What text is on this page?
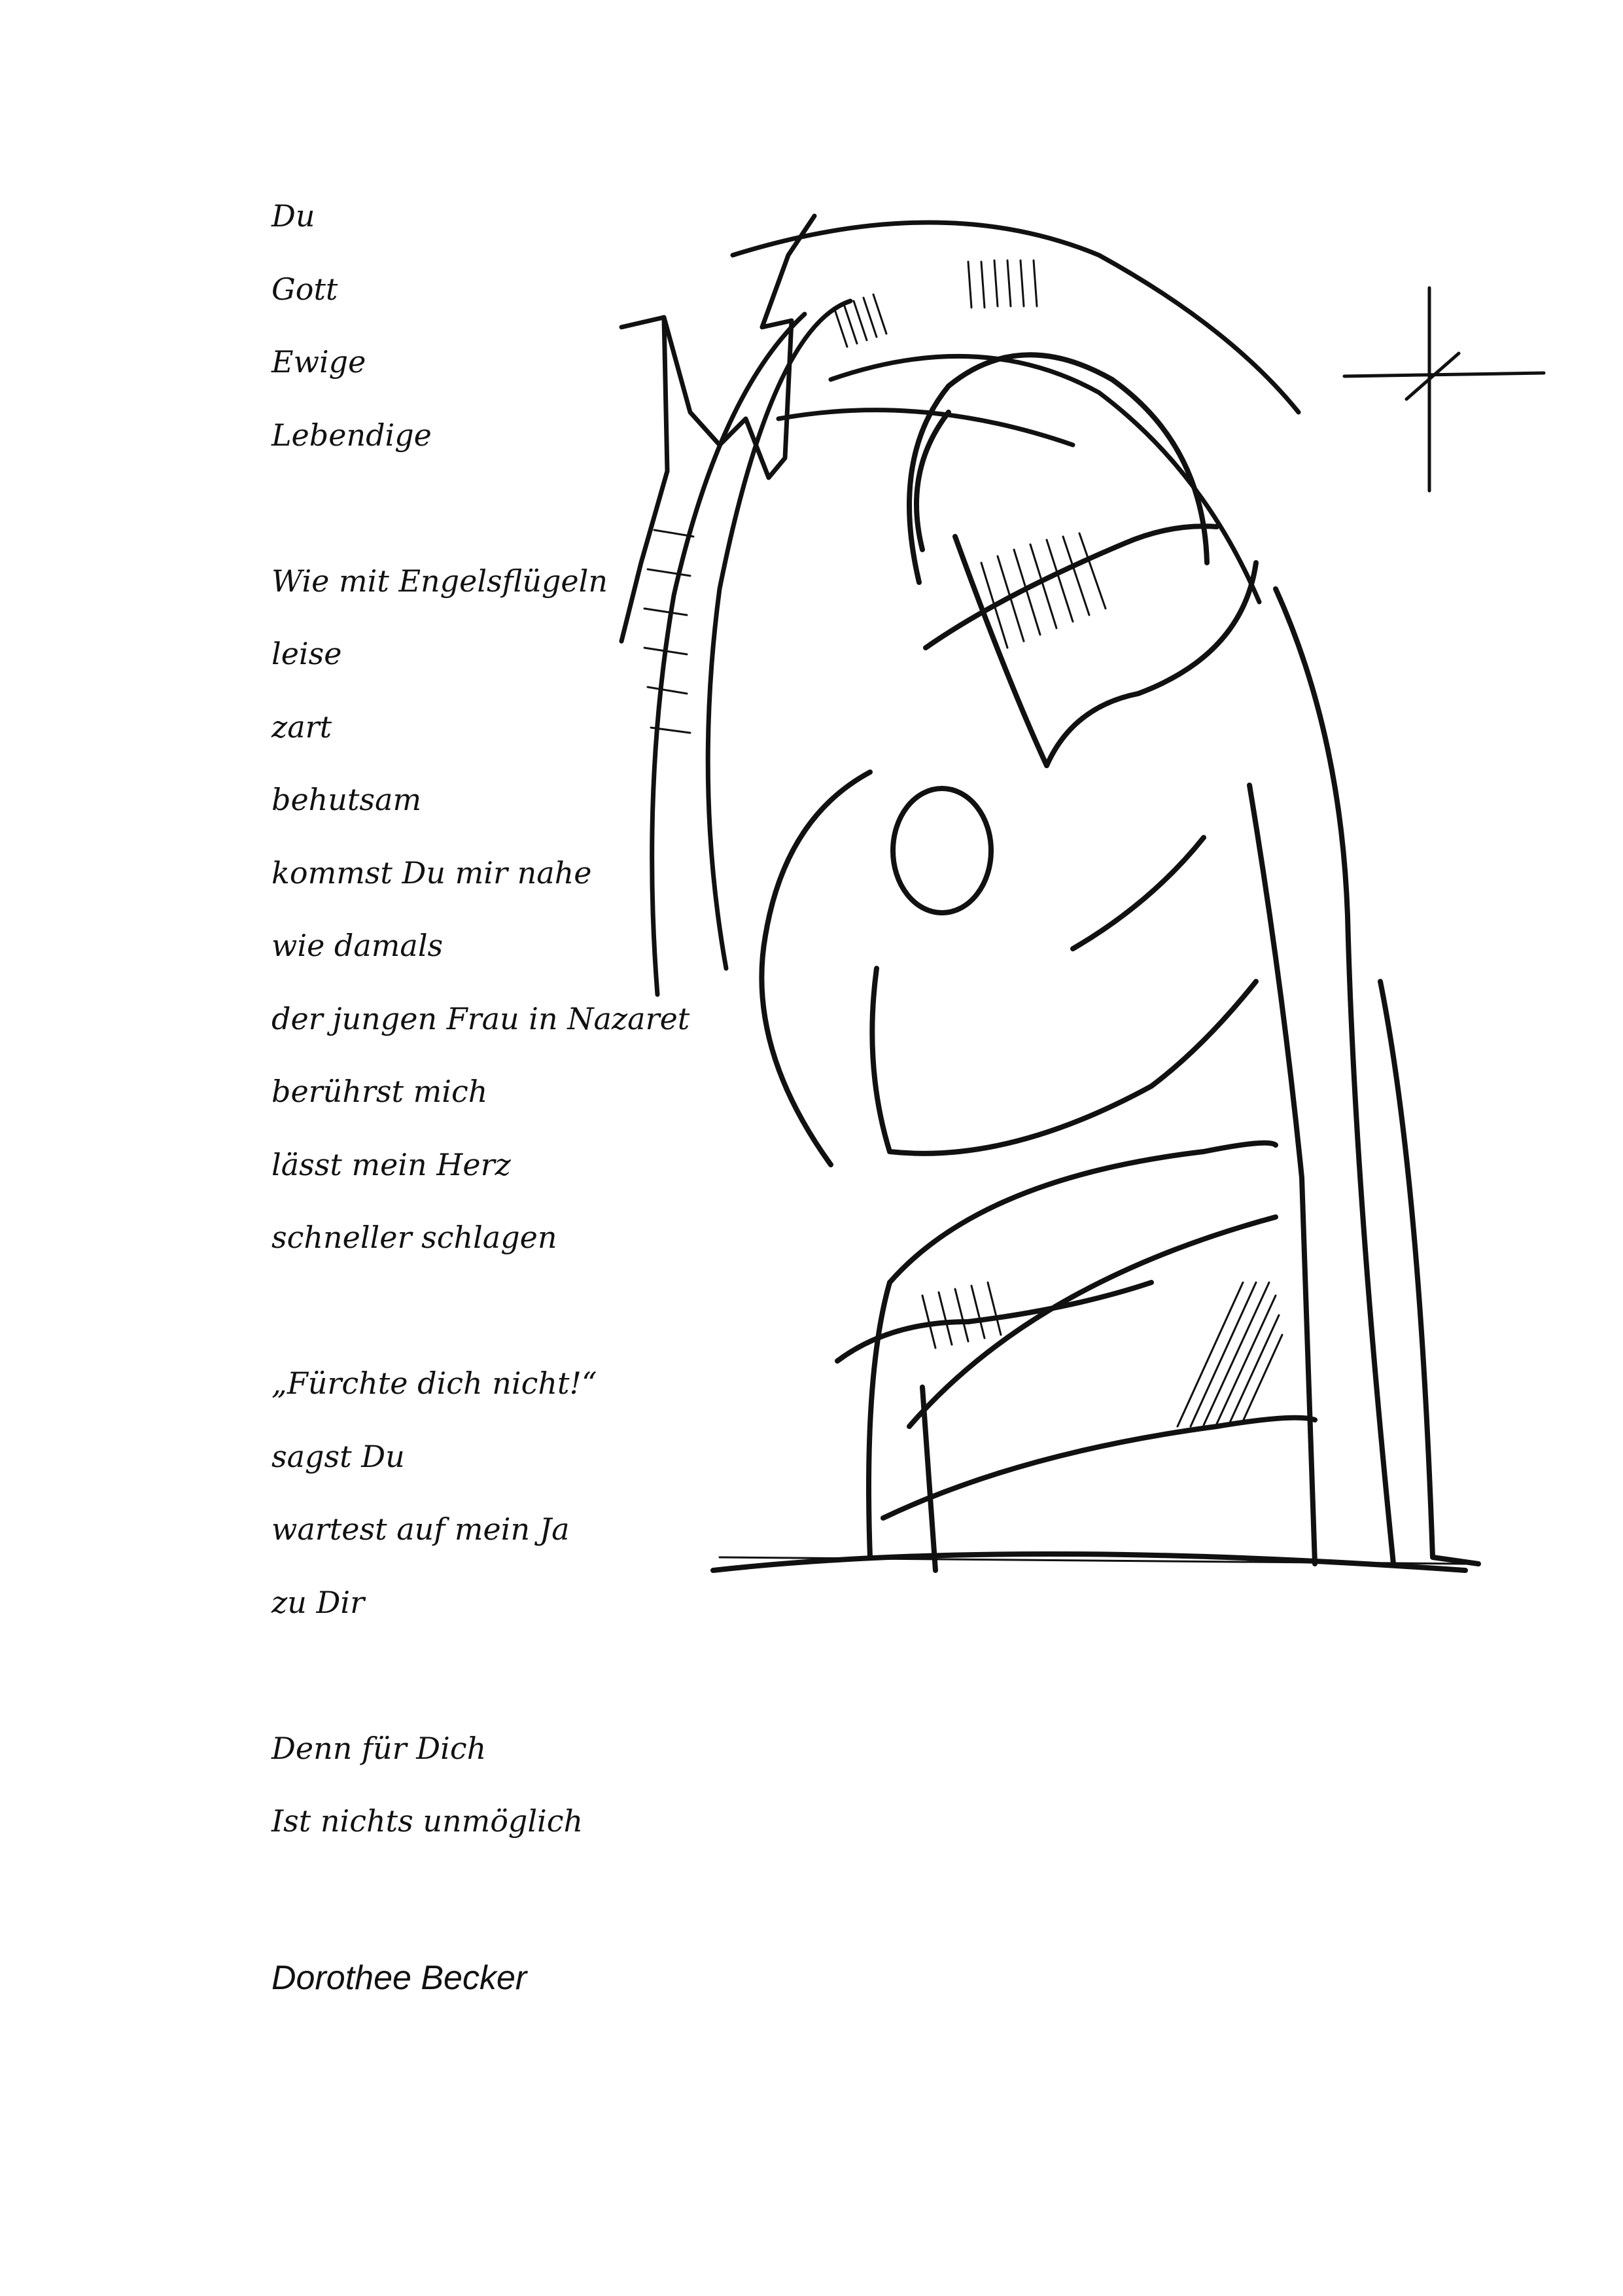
Du
Gott
Ewige
Lebendige
Wie mit Engelsflügeln
leise
zart
behutsam
kommst Du mir nahe
wie damals
der jungen Frau in Nazaret
berührst mich
lässt mein Herz
schneller schlagen
„Fürchte dich nicht!“
sagst Du
wartest auf mein Ja
zu Dir
Denn für Dich
Ist nichts unmöglich
Dorothee Becker
